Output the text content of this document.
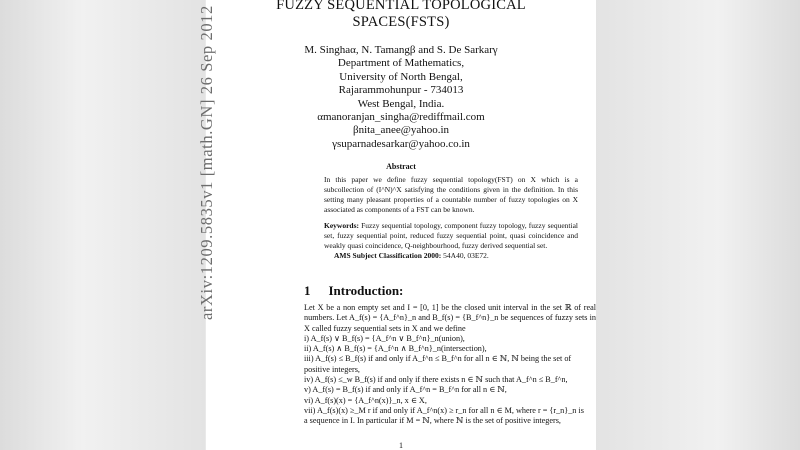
FUZZY SEQUENTIAL TOPOLOGICAL
SPACES(FSTS)
M. Singhaα, N. Tamangβ and S. De Sarkarγ
Department of Mathematics,
University of North Bengal,
Rajarammohunpur - 734013
West Bengal, India.
αmanoranjan_singha@rediffmail.com
βnita_anee@yahoo.in
γsuparnadesarkar@yahoo.co.in
Abstract

In this paper we define fuzzy sequential topology(FST) on X which is a subcollection of (I^N)^X satisfying the conditions given in the definition. In this setting many pleasant properties of a countable number of fuzzy topologies on X associated as components of a FST can be known.

Keywords: Fuzzy sequential topology, component fuzzy topology, fuzzy sequential set, fuzzy sequential point, reduced fuzzy sequential point, quasi coincidence and weakly quasi coincidence, Q-neighbourhood, fuzzy derived sequential set.

AMS Subject Classification 2000: 54A40, 03E72.

1 Introduction:

Let X be a non empty set and I = [0, 1] be the closed unit interval in the set ℝ of real numbers. Let A_f(s) = {A_f^n}_n and B_f(s) = {B_f^n}_n be sequences of fuzzy sets in X called fuzzy sequential sets in X and we define

i) A_f(s) ∨ B_f(s) = {A_f^n ∨ B_f^n}_n(union),

ii) A_f(s) ∧ B_f(s) = {A_f^n ∧ B_f^n}_n(intersection),

iii) A_f(s) ≤ B_f(s) if and only if A_f^n ≤ B_f^n for all n ∈ ℕ, ℕ being the set of

positive integers,

iv) A_f(s) ≤_w B_f(s) if and only if there exists n ∈ ℕ such that A_f^n ≤ B_f^n,

v) A_f(s) = B_f(s) if and only if A_f^n = B_f^n for all n ∈ ℕ,

vi) A_f(s)(x) = {A_f^n(x)}_n, x ∈ X,

vii) A_f(s)(x) ≥_M r if and only if A_f^n(x) ≥ r_n for all n ∈ M, where r = {r_n}_n is

a sequence in I. In particular if M = ℕ, where ℕ is the set of positive integers,

1
arXiv:1209.5835v1 [math.GN] 26 Sep 2012
